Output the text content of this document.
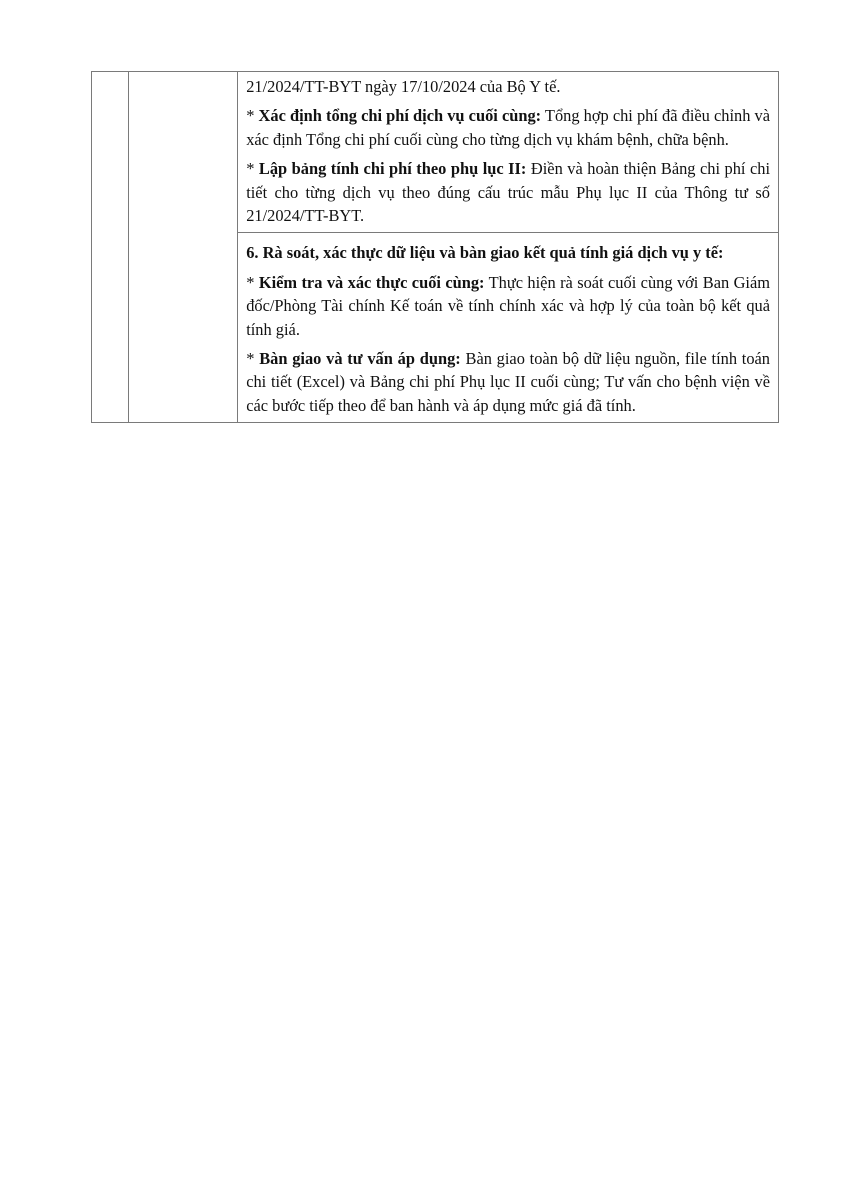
21/2024/TT-BYT ngày 17/10/2024 của Bộ Y tế.

* Xác định tổng chi phí dịch vụ cuối cùng: Tổng hợp chi phí đã điều chỉnh và xác định Tổng chi phí cuối cùng cho từng dịch vụ khám bệnh, chữa bệnh.

* Lập bảng tính chi phí theo phụ lục II: Điền và hoàn thiện Bảng chi phí chi tiết cho từng dịch vụ theo đúng cấu trúc mẫu Phụ lục II của Thông tư số 21/2024/TT-BYT.

6. Rà soát, xác thực dữ liệu và bàn giao kết quả tính giá dịch vụ y tế:

* Kiểm tra và xác thực cuối cùng: Thực hiện rà soát cuối cùng với Ban Giám đốc/Phòng Tài chính Kế toán về tính chính xác và hợp lý của toàn bộ kết quả tính giá.

* Bàn giao và tư vấn áp dụng: Bàn giao toàn bộ dữ liệu nguồn, file tính toán chi tiết (Excel) và Bảng chi phí Phụ lục II cuối cùng; Tư vấn cho bệnh viện về các bước tiếp theo để ban hành và áp dụng mức giá đã tính.
